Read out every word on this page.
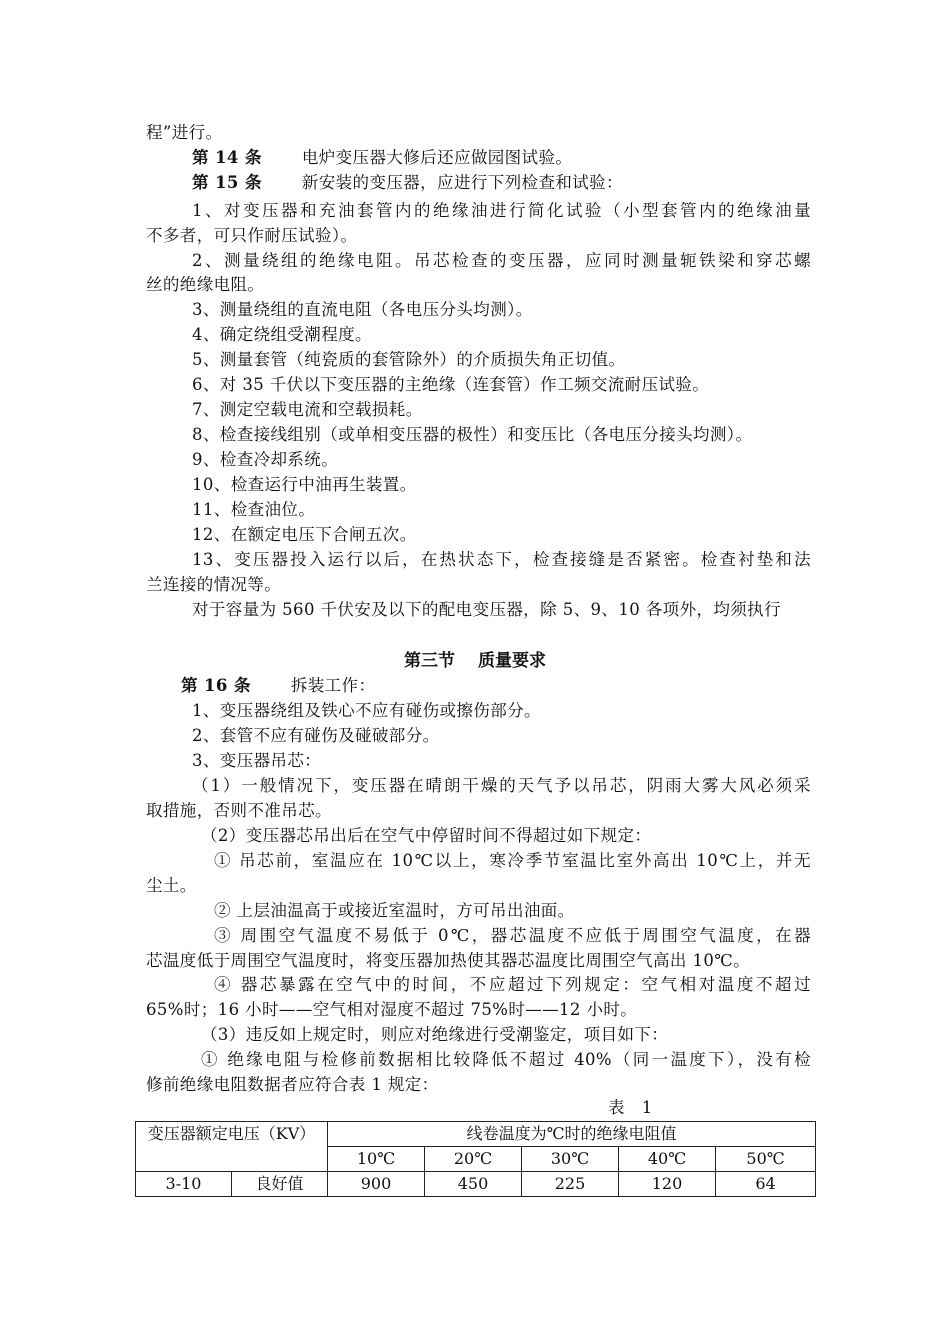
程”进行。
第 14 条 电炉变压器大修后还应做园图试验。
第 15 条 新安装的变压器，应进行下列检查和试验：
1、对变压器和充油套管内的绝缘油进行简化试验（小型套管内的绝缘油量
不多者，可只作耐压试验）。
2、测量绕组的绝缘电阻。吊芯检查的变压器，应同时测量轭铁梁和穿芯螺
丝的绝缘电阻。
3、测量绕组的直流电阻（各电压分头均测）。
4、确定绕组受潮程度。
5、测量套管（纯瓷质的套管除外）的介质损失角正切值。
6、对 35 千伏以下变压器的主绝缘（连套管）作工频交流耐压试验。
7、测定空载电流和空载损耗。
8、检查接线组别（或单相变压器的极性）和变压比（各电压分接头均测）。
9、检查冷却系统。
10、检查运行中油再生装置。
11、检查油位。
12、在额定电压下合闸五次。
13、变压器投入运行以后，在热状态下，检查接缝是否紧密。检查衬垫和法
兰连接的情况等。
对于容量为 560 千伏安及以下的配电变压器，除 5、9、10 各项外，均须执行
第三节　 质量要求
第 16 条 拆装工作：
1、变压器绕组及铁心不应有碰伤或擦伤部分。
2、套管不应有碰伤及碰破部分。
3、变压器吊芯：
（1）一般情况下，变压器在晴朗干燥的天气予以吊芯，阴雨大雾大风必须采
取措施，否则不准吊芯。
（2）变压器芯吊出后在空气中停留时间不得超过如下规定：
① 吊芯前，室温应在 10℃以上，寒冷季节室温比室外高出 10℃上，并无
尘土。
② 上层油温高于或接近室温时，方可吊出油面。
③ 周围空气温度不易低于 0℃，器芯温度不应低于周围空气温度，在器
芯温度低于周围空气温度时，将变压器加热使其器芯温度比周围空气高出 10℃。
④ 器芯暴露在空气中的时间，不应超过下列规定：空气相对温度不超过
65%时；16 小时——空气相对湿度不超过 75%时——12 小时。
（3）违反如上规定时，则应对绝缘进行受潮鉴定，项目如下：
① 绝缘电阻与检修前数据相比较降低不超过 40%（同一温度下），没有检
修前绝缘电阻数据者应符合表 1 规定：
表 1
变压器额定电压（KV）		线卷温度为℃时的绝缘电阻值				
		10℃	20℃	30℃	40℃	50℃
3-10	良好值	900	450	225	120	64
